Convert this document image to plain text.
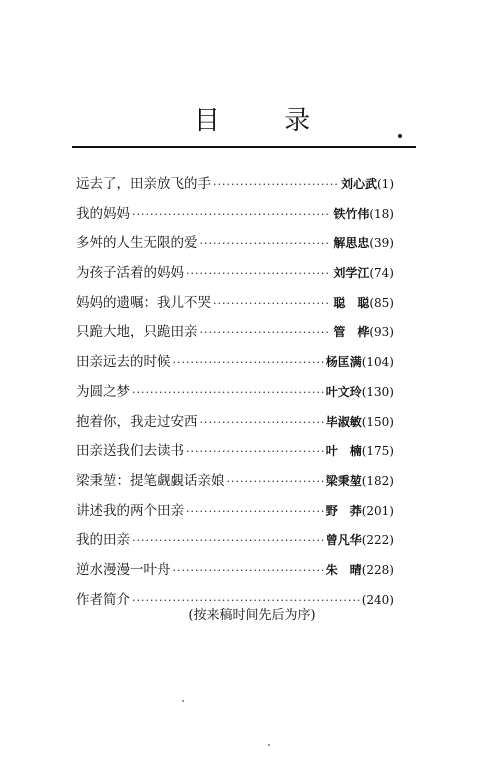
目 录
远去了，田亲放飞的手 ·····	刘心武 (1)
我的妈妈 ·····	铁竹伟 (18)
多舛的人生无限的爱 ·····	解思忠 (39)
为孩子活着的妈妈 ·····	刘学江 (74)
妈妈的遗嘱：我儿不哭 ·····	聪　聪 (85)
只跪大地，只跪田亲 ·····	管　桦 (93)
田亲远去的时候 ·····	杨匡满 (104)
为圆之梦 ·····	叶文玲 (130)
抱着你，我走过安西 ·····	毕淑敏 (150)
田亲送我们去读书 ·····	叶　楠 (175)
梁秉堃：提笔觑覷话亲娘 ·····	梁秉堃 (182)
讲述我的两个田亲 ·····	野　莽 (201)
我的田亲 ·····	曾凡华 (222)
逆水漫漫一叶舟 ·····	朱　晴 (228)
作者简介 ·····	(240)
(按来稿时间先后为序)
